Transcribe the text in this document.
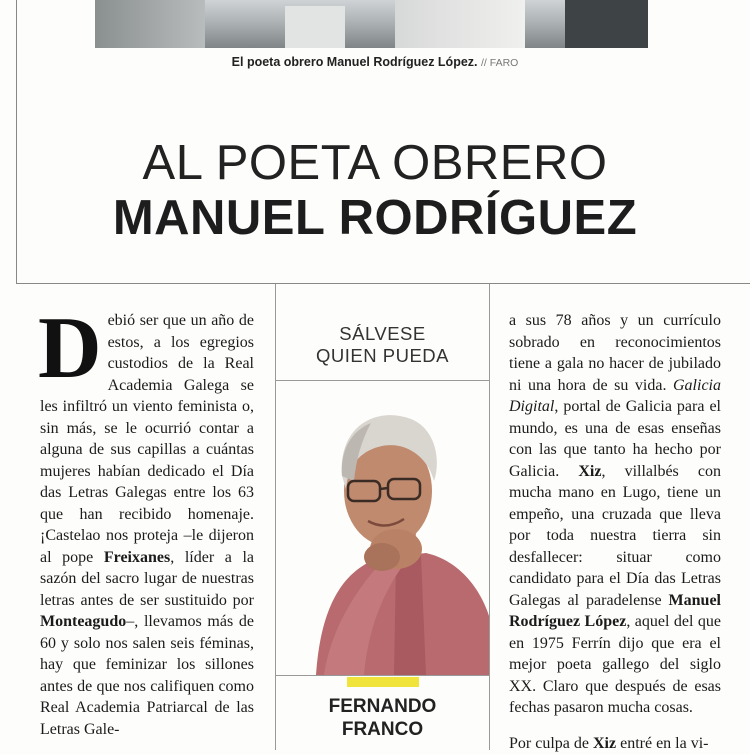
El poeta obrero Manuel Rodríguez López. // FARO
AL POETA OBRERO
MANUEL RODRÍGUEZ

Debió ser que un año de estos, a los egregios custodios de la Real Academia Galega se les infiltró un viento feminista o, sin más, se le ocurrió contar a alguna de sus capillas a cuántas mujeres habían dedicado el Día das Letras Galegas entre los 63 que han recibido homenaje. ¡Castelao nos proteja –le dijeron al pope Freixanes, líder a la sazón del sacro lugar de nuestras letras antes de ser sustituido por Monteagudo–, llevamos más de 60 y solo nos salen seis féminas, hay que feminizar los sillones antes de que nos califiquen como Real Academia Patriarcal de las Letras Gale-

SÁLVESE
QUIEN PUEDA
FERNANDO
FRANCO

a sus 78 años y un currículo sobrado en reconocimientos tiene a gala no hacer de jubilado ni una hora de su vida. Galicia Digital, portal de Galicia para el mundo, es una de esas enseñas con las que tanto ha hecho por Galicia. Xiz, villalbés con mucha mano en Lugo, tiene un empeño, una cruzada que lleva por toda nuestra tierra sin desfallecer: situar como candidato para el Día das Letras Galegas al paradelense Manuel Rodríguez López, aquel del que en 1975 Ferrín dijo que era el mejor poeta gallego del siglo XX. Claro que después de esas fechas pasaron mucha cosas.

Por culpa de Xiz entré en la vi-
